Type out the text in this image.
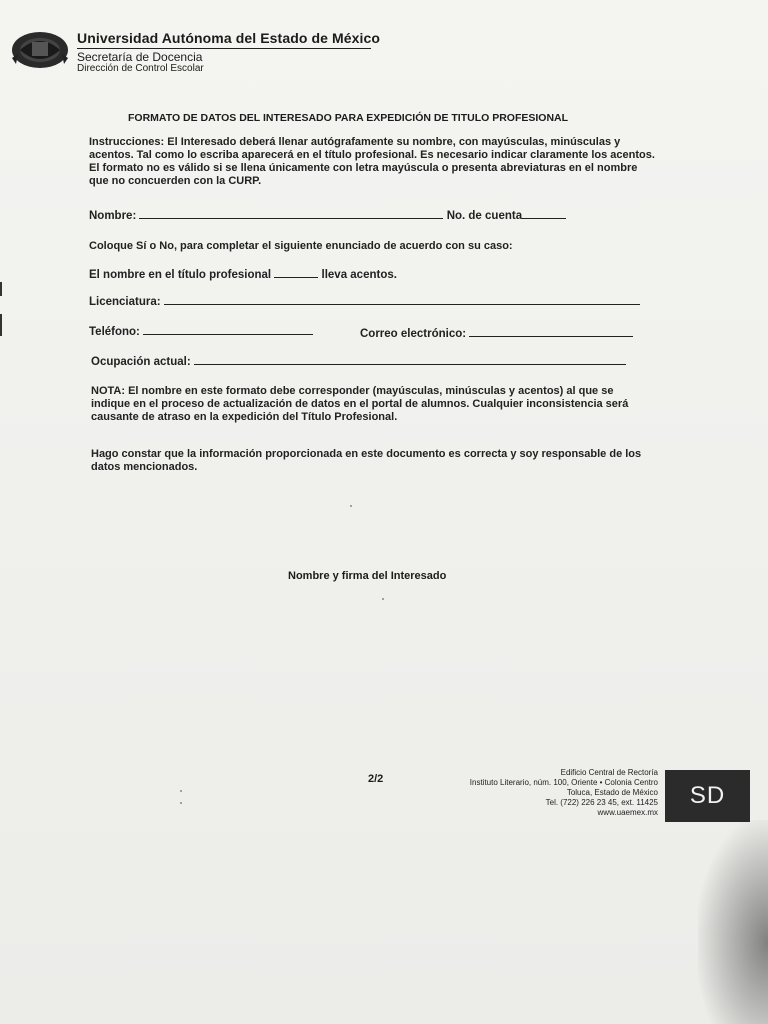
Universidad Autónoma del Estado de México
Secretaría de Docencia
Dirección de Control Escolar
FORMATO DE DATOS DEL INTERESADO PARA EXPEDICIÓN DE TITULO PROFESIONAL
Instrucciones: El Interesado deberá llenar autógrafamente su nombre, con mayúsculas, minúsculas y acentos. Tal como lo escriba aparecerá en el título profesional. Es necesario indicar claramente los acentos. El formato no es válido si se llena únicamente con letra mayúscula o presenta abreviaturas en el nombre que no concuerden con la CURP.
Nombre:	No. de cuenta
Coloque Sí o No, para completar el siguiente enunciado de acuerdo con su caso:
El nombre en el título profesional	lleva acentos.
Licenciatura:
Teléfono:	Correo electrónico:
Ocupación actual:
NOTA: El nombre en este formato debe corresponder (mayúsculas, minúsculas y acentos) al que se indique en el proceso de actualización de datos en el portal de alumnos. Cualquier inconsistencia será causante de atraso en la expedición del Título Profesional.
Hago constar que la información proporcionada en este documento es correcta y soy responsable de los datos mencionados.
Nombre y firma del Interesado
2/2
Edificio Central de Rectoría
Instituto Literario, núm. 100, Oriente • Colonia Centro
Toluca, Estado de México
Tel. (722) 226 23 45, ext. 11425
www.uaemex.mx
SD
